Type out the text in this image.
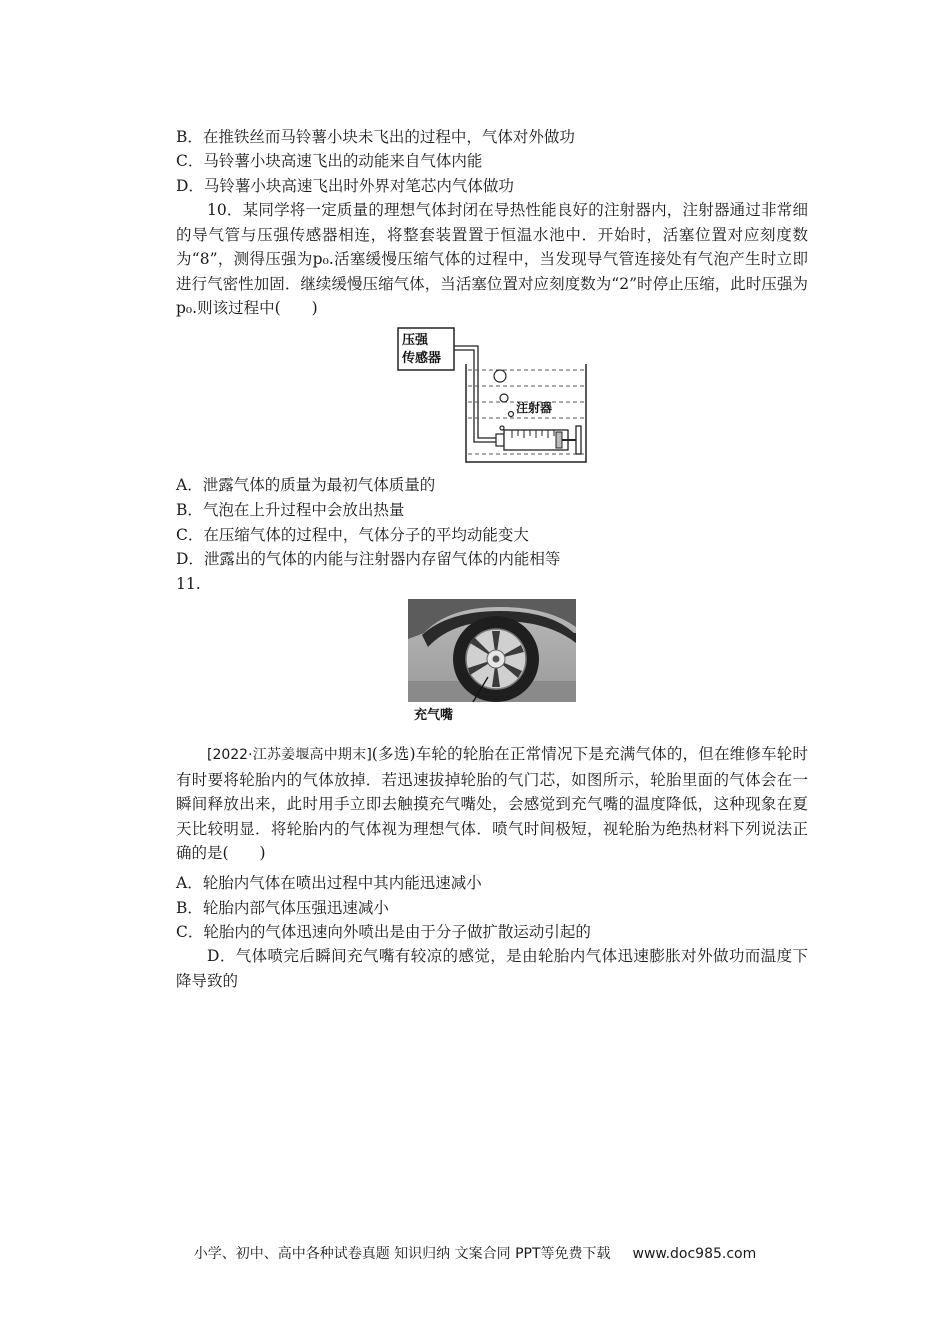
B．在推铁丝而马铃薯小块未飞出的过程中，气体对外做功
C．马铃薯小块高速飞出的动能来自气体内能
D．马铃薯小块高速飞出时外界对笔芯内气体做功
10．某同学将一定质量的理想气体封闭在导热性能良好的注射器内，注射器通过非常细的导气管与压强传感器相连，将整套装置置于恒温水池中．开始时，活塞位置对应刻度数为“8”，测得压强为p₀.活塞缓慢压缩气体的过程中，当发现导气管连接处有气泡产生时立即进行气密性加固．继续缓慢压缩气体，当活塞位置对应刻度数为“2”时停止压缩，此时压强为p₀.则该过程中(　　)
压强
传感器
注射器
A．泄露气体的质量为最初气体质量的
B．气泡在上升过程中会放出热量
C．在压缩气体的过程中，气体分子的平均动能变大
D．泄露出的气体的内能与注射器内存留气体的内能相等
11.
充气嘴
[2022·江苏姜堰高中期末](多选)车轮的轮胎在正常情况下是充满气体的，但在维修车轮时有时要将轮胎内的气体放掉．若迅速拔掉轮胎的气门芯，如图所示，轮胎里面的气体会在一瞬间释放出来，此时用手立即去触摸充气嘴处，会感觉到充气嘴的温度降低，这种现象在夏天比较明显．将轮胎内的气体视为理想气体．喷气时间极短，视轮胎为绝热材料下列说法正确的是(　　)
A．轮胎内气体在喷出过程中其内能迅速减小
B．轮胎内部气体压强迅速减小
C．轮胎内的气体迅速向外喷出是由于分子做扩散运动引起的
D．气体喷完后瞬间充气嘴有较凉的感觉，是由轮胎内气体迅速膨胀对外做功而温度下降导致的
小学、初中、高中各种试卷真题 知识归纳 文案合同 PPT等免费下载 www.doc985.com
